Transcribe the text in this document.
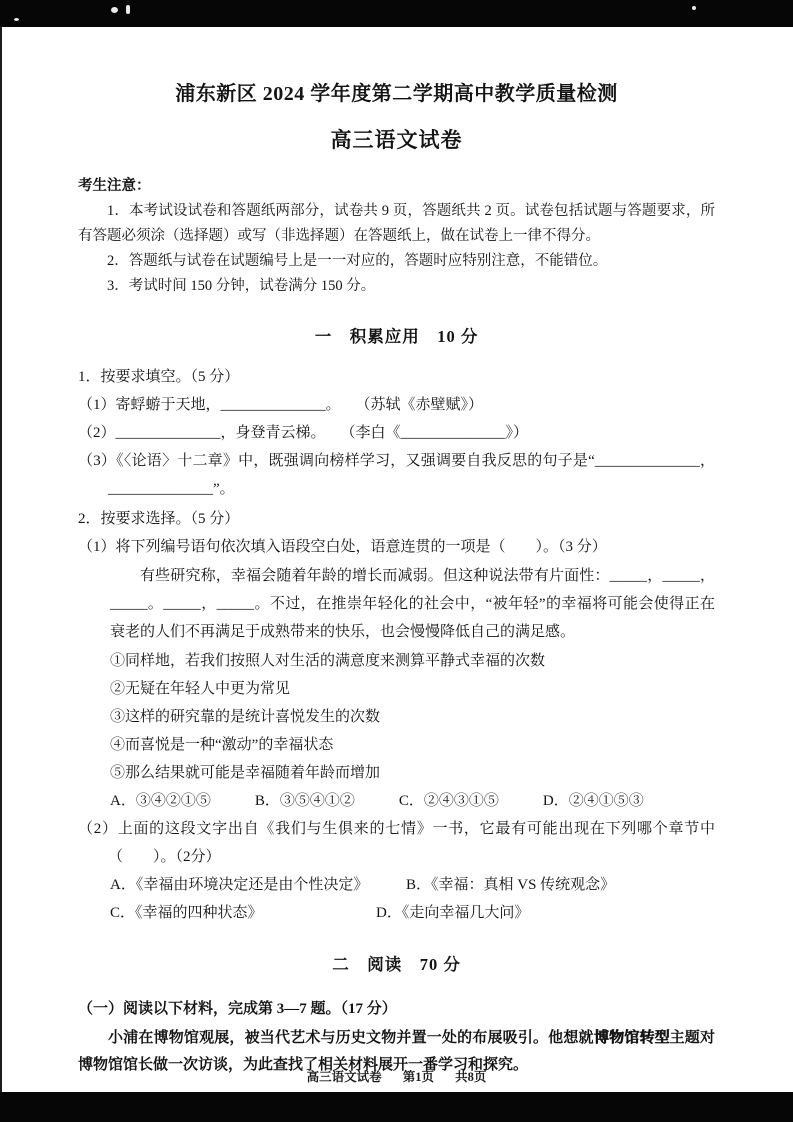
浦东新区 2024 学年度第二学期高中教学质量检测
高三语文试卷

考生注意：

1．本考试设试卷和答题纸两部分，试卷共 9 页，答题纸共 2 页。试卷包括试题与答题要求，所有答题必须涂（选择题）或写（非选择题）在答题纸上，做在试卷上一律不得分。

2．答题纸与试卷在试题编号上是一一对应的，答题时应特别注意，不能错位。

3．考试时间 150 分钟，试卷满分 150 分。

一　积累应用　10 分

1．按要求填空。（5 分）

（1）寄蜉蝣于天地，______________。　　（苏轼《赤壁赋》）

（2）______________，身登青云梯。　　（李白《______________》）

（3）《〈论语〉十二章》中，既强调向榜样学习，又强调要自我反思的句子是“______________，______________”。

2．按要求选择。（5 分）

（1）将下列编号语句依次填入语段空白处，语意连贯的一项是（　　）。（3 分）

有些研究称，幸福会随着年龄的增长而减弱。但这种说法带有片面性：_____，_____，_____。_____，_____。不过，在推崇年轻化的社会中，“被年轻”的幸福将可能会使得正在衰老的人们不再满足于成熟带来的快乐，也会慢慢降低自己的满足感。

①同样地，若我们按照人对生活的满意度来测算平静式幸福的次数

②无疑在年轻人中更为常见

③这样的研究靠的是统计喜悦发生的次数

④而喜悦是一种“激动”的幸福状态

⑤那么结果就可能是幸福随着年龄而增加

A．③④②①⑤	B．③⑤④①②	C．②④③①⑤	D．②④①⑤③

（2）上面的这段文字出自《我们与生俱来的七情》一书，它最有可能出现在下列哪个章节中（　　）。（2分）

A．《幸福由环境决定还是由个性决定》	B．《幸福：真相 VS 传统观念》
C．《幸福的四种状态》	D．《走向幸福几大问》
二　阅读　70 分

（一）阅读以下材料，完成第 3—7 题。（17 分）

小浦在博物馆观展，被当代艺术与历史文物并置一处的布展吸引。他想就博物馆转型主题对博物馆馆长做一次访谈，为此查找了相关材料展开一番学习和探究。

高三语文试卷 第1页 共8页
